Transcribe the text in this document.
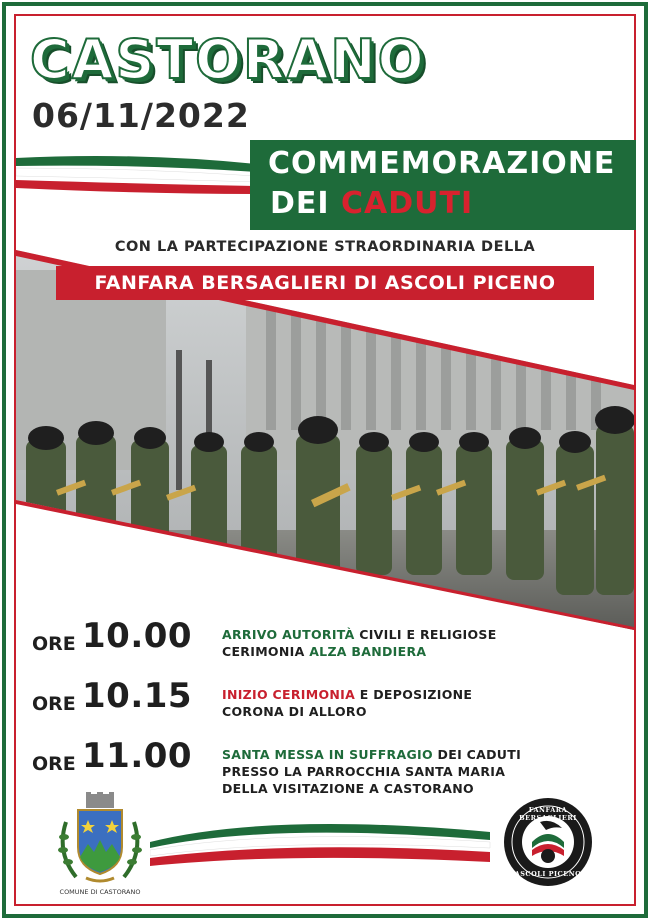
CASTORANO
06/11/2022
COMMEMORAZIONE
DEI CADUTI
CON LA PARTECIPAZIONE STRAORDINARIA DELLA
FANFARA BERSAGLIERI DI ASCOLI PICENO
ORE 10.00 ARRIVO AUTORITÀ CIVILI E RELIGIOSE
CERIMONIA ALZA BANDIERA
ORE 10.15 INIZIO CERIMONIA E DEPOSIZIONE
CORONA DI ALLORO
ORE 11.00 SANTA MESSA IN SUFFRAGIO DEI CADUTI
PRESSO LA PARROCCHIA SANTA MARIA
DELLA VISITAZIONE A CASTORANO
COMUNE DI CASTORANO
FANFARA BERSAGLIERI
ASCOLI PICENO
